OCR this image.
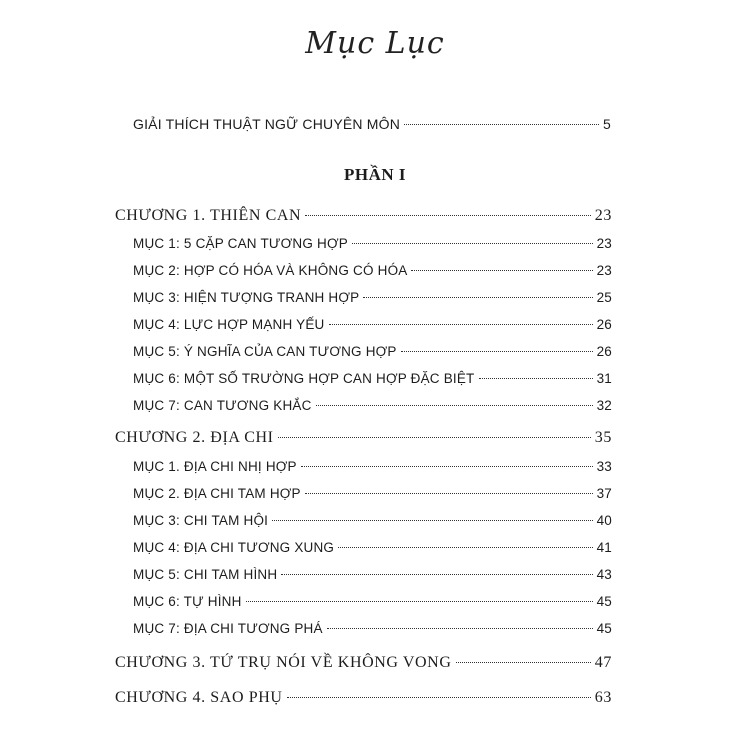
Mục Lục
GIẢI THÍCH THUẬT NGỮ CHUYÊN MÔN	5
PHẦN I
CHƯƠNG 1. THIÊN CAN	23
MỤC 1: 5 CẶP CAN TƯƠNG HỢP	23
MỤC 2: HỢP CÓ HÓA VÀ KHÔNG CÓ HÓA	23
MỤC 3: HIỆN TƯỢNG TRANH HỢP	25
MỤC 4: LỰC HỢP MẠNH YẾU	26
MỤC 5: Ý NGHĨA CỦA CAN TƯƠNG HỢP	26
MỤC 6: MỘT SỐ TRƯỜNG HỢP CAN HỢP ĐẶC BIỆT	31
MỤC 7: CAN TƯƠNG KHẮC	32
CHƯƠNG 2. ĐỊA CHI	35
MỤC 1. ĐỊA CHI NHỊ HỢP	33
MỤC 2. ĐỊA CHI TAM HỢP	37
MỤC 3: CHI TAM HỘI	40
MỤC 4: ĐỊA CHI TƯƠNG XUNG	41
MỤC 5: CHI TAM HÌNH	43
MỤC 6: TỰ HÌNH	45
MỤC 7: ĐỊA CHI TƯƠNG PHÁ	45
CHƯƠNG 3. TỨ TRỤ NÓI VỀ KHÔNG VONG	47
CHƯƠNG 4. SAO PHỤ	63
